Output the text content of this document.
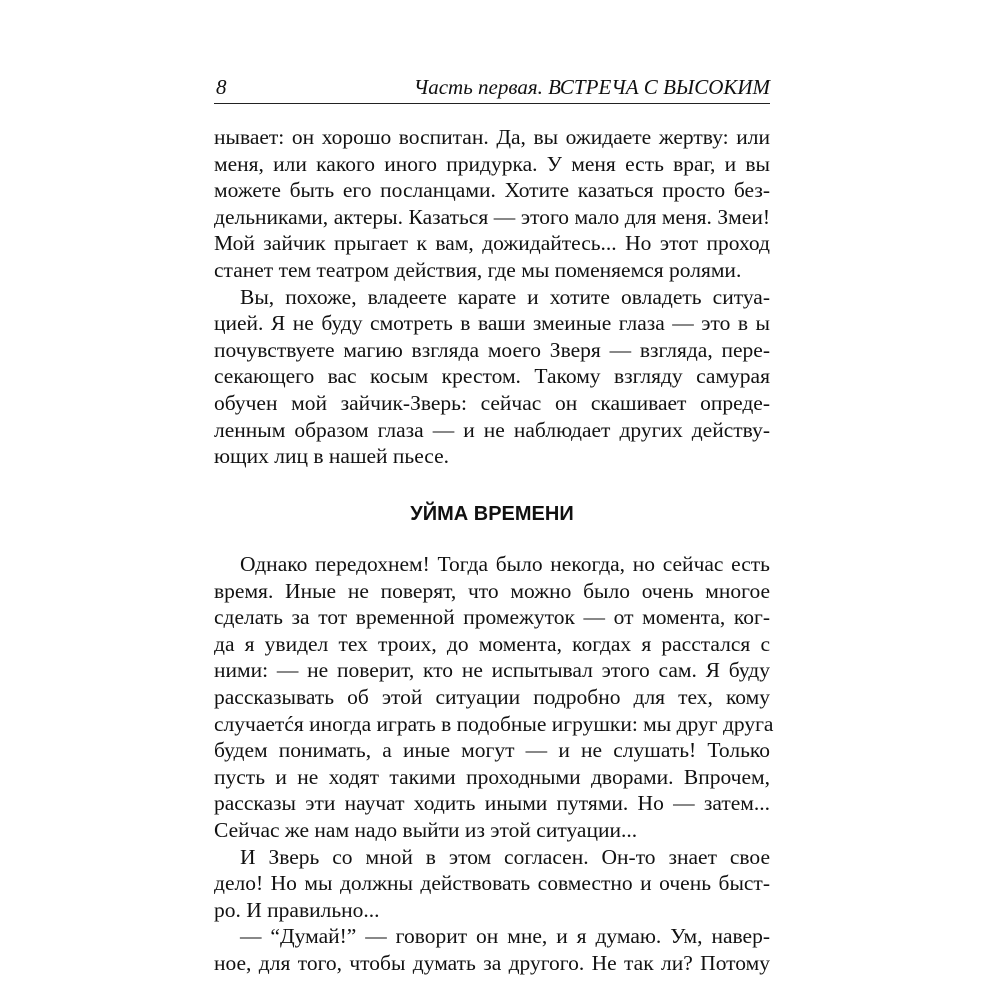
8	Часть первая. ВСТРЕЧА С ВЫСОКИМ
нывает: он хорошо воспитан. Да, вы ожидаете жертву: или
меня, или какого иного придурка. У меня есть враг, и вы
можете быть его посланцами. Хотите казаться просто без-
дельниками, актеры. Казаться — этого мало для меня. Змеи!
Мой зайчик прыгает к вам, дожидайтесь... Но этот проход
станет тем театром действия, где мы поменяемся ролями.
Вы, похоже, владеете карате и хотите овладеть ситуа-
цией. Я не буду смотреть в ваши змеиные глаза — это в ы
почувствуете магию взгляда моего Зверя — взгляда, пере-
секающего вас косым крестом. Такому взгляду самурая
обучен мой зайчик-Зверь: сейчас он скашивает опреде-
ленным образом глаза — и не наблюдает других действу-
ющих лиц в нашей пьесе.
УЙМА ВРЕМЕНИ
Однако передохнем! Тогда было некогда, но сейчас есть
время. Иные не поверят, что можно было очень многое
сделать за тот временной промежуток — от момента, ког-
да я увидел тех троих, до момента, когдах я расстался с
ними: — не поверит, кто не испытывал этого сам. Я буду
рассказывать об этой ситуации подробно для тех, кому
случаетćя иногда играть в подобные игрушки: мы друг друга
будем понимать, а иные могут — и не слушать! Только
пусть и не ходят такими проходными дворами. Впрочем,
рассказы эти научат ходить иными путями. Но — затем...
Сейчас же нам надо выйти из этой ситуации...
И Зверь со мной в этом согласен. Он-то знает свое
дело! Но мы должны действовать совместно и очень быст-
ро. И правильно...
— “Думай!” — говорит он мне, и я думаю. Ум, навер-
ное, для того, чтобы думать за другого. Не так ли? Потому
